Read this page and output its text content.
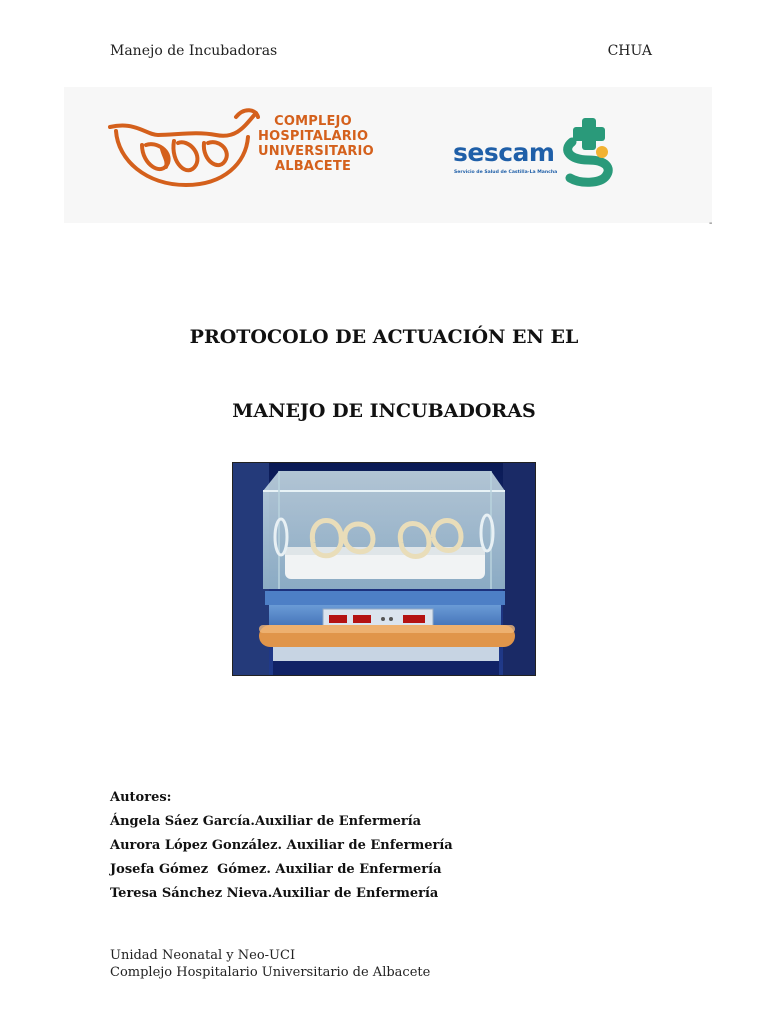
Manejo de Incubadoras	CHUA
COMPLEJO
HOSPITALARIO
UNIVERSITARIO
ALBACETE	sescam
Servicio de Salud de Castilla-La Mancha
-
PROTOCOLO DE ACTUACIÓN EN EL
MANEJO DE INCUBADORAS
Autores:
Ángela Sáez García.Auxiliar de Enfermería
Aurora López González. Auxiliar de Enfermería
Josefa Gómez  Gómez. Auxiliar de Enfermería
Teresa Sánchez Nieva.Auxiliar de Enfermería
Unidad Neonatal y Neo-UCI
Complejo Hospitalario Universitario de Albacete
